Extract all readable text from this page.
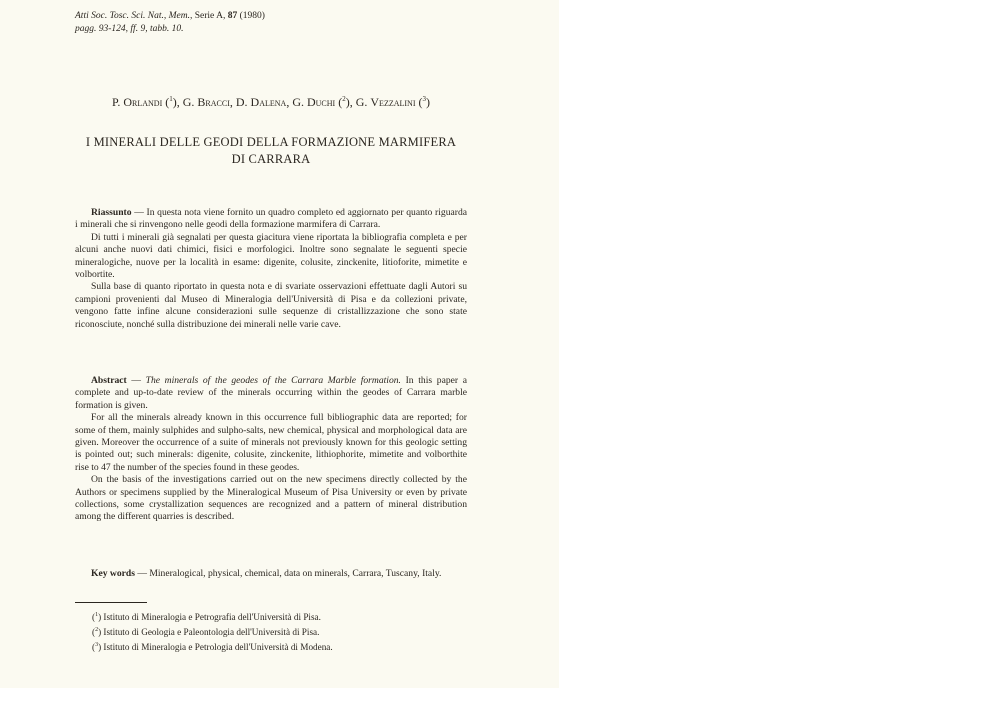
Atti Soc. Tosc. Sci. Nat., Mem., Serie A, 87 (1980)
pagg. 93-124, ff. 9, tabb. 10.
P. Orlandi ($^1$), G. Bracci, D. Dalena, G. Duchi ($^2$), G. Vezzalini ($^3$)
I MINERALI DELLE GEODI DELLA FORMAZIONE MARMIFERA
DI CARRARA

Riassunto — In questa nota viene fornito un quadro completo ed aggiornato per quanto riguarda i minerali che si rinvengono nelle geodi della formazione marmifera di Carrara.

Di tutti i minerali già segnalati per questa giacitura viene riportata la bibliografia completa e per alcuni anche nuovi dati chimici, fisici e morfologici. Inoltre sono segnalate le seguenti specie mineralogiche, nuove per la località in esame: digenite, colusite, zinckenite, litioforite, mimetite e volbortite.

Sulla base di quanto riportato in questa nota e di svariate osservazioni effettuate dagli Autori su campioni provenienti dal Museo di Mineralogia dell'Università di Pisa e da collezioni private, vengono fatte infine alcune considerazioni sulle sequenze di cristallizzazione che sono state riconosciute, nonché sulla distribuzione dei minerali nelle varie cave.

Abstract — The minerals of the geodes of the Carrara Marble formation. In this paper a complete and up-to-date review of the minerals occurring within the geodes of Carrara marble formation is given.

For all the minerals already known in this occurrence full bibliographic data are reported; for some of them, mainly sulphides and sulpho-salts, new chemical, physical and morphological data are given. Moreover the occurrence of a suite of minerals not previously known for this geologic setting is pointed out; such minerals: digenite, colusite, zinckenite, lithiophorite, mimetite and volborthite rise to 47 the number of the species found in these geodes.

On the basis of the investigations carried out on the new specimens directly collected by the Authors or specimens supplied by the Mineralogical Museum of Pisa University or even by private collections, some crystallization sequences are recognized and a pattern of mineral distribution among the different quarries is described.

Key words — Mineralogical, physical, chemical, data on minerals, Carrara, Tuscany, Italy.

($^1$) Istituto di Mineralogia e Petrografia dell'Università di Pisa.
($^2$) Istituto di Geologia e Paleontologia dell'Università di Pisa.
($^3$) Istituto di Mineralogia e Petrologia dell'Università di Modena.
